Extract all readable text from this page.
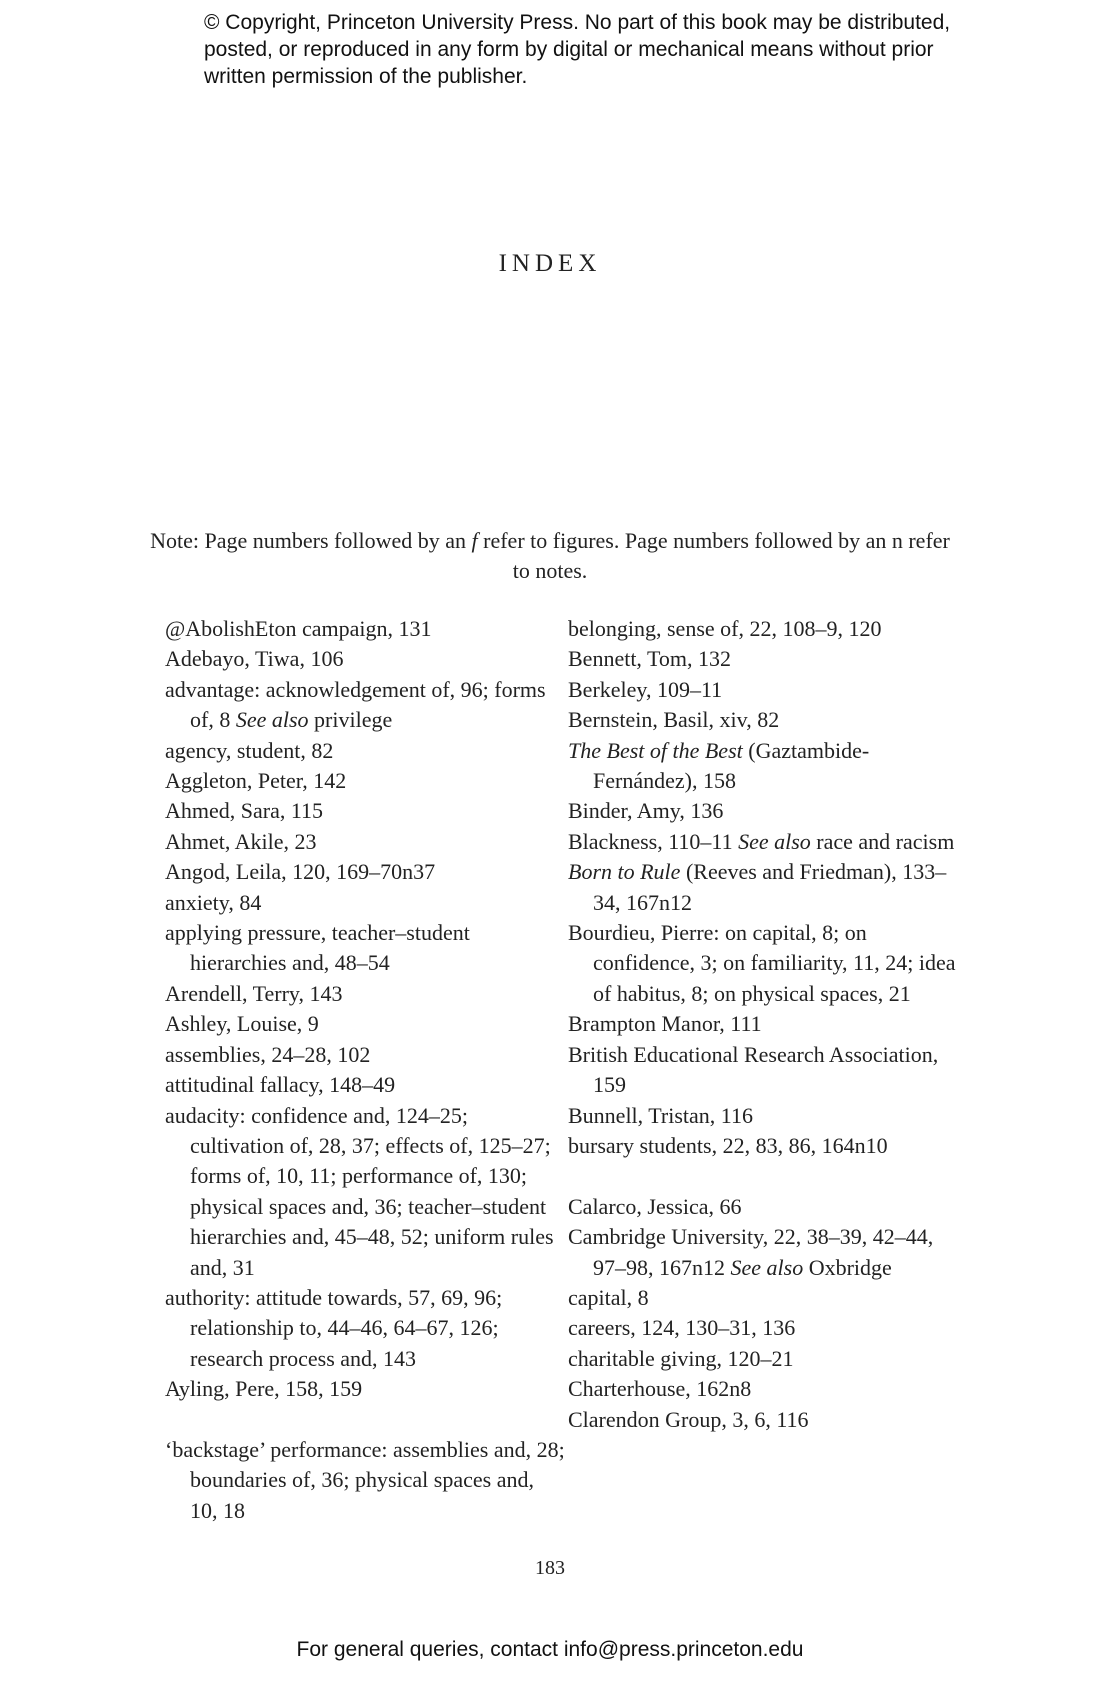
© Copyright, Princeton University Press. No part of this book may be distributed, posted, or reproduced in any form by digital or mechanical means without prior written permission of the publisher.
INDEX
Note: Page numbers followed by an f refer to figures. Page numbers followed by an n refer to notes.
@AbolishEton campaign, 131
Adebayo, Tiwa, 106
advantage: acknowledgement of, 96; forms of, 8 See also privilege
agency, student, 82
Aggleton, Peter, 142
Ahmed, Sara, 115
Ahmet, Akile, 23
Angod, Leila, 120, 169–70n37
anxiety, 84
applying pressure, teacher–student hierarchies and, 48–54
Arendell, Terry, 143
Ashley, Louise, 9
assemblies, 24–28, 102
attitudinal fallacy, 148–49
audacity: confidence and, 124–25; cultivation of, 28, 37; effects of, 125–27; forms of, 10, 11; performance of, 130; physical spaces and, 36; teacher–student hierarchies and, 45–48, 52; uniform rules and, 31
authority: attitude towards, 57, 69, 96; relationship to, 44–46, 64–67, 126; research process and, 143
Ayling, Pere, 158, 159
‘backstage’ performance: assemblies and, 28; boundaries of, 36; physical spaces and, 10, 18
belonging, sense of, 22, 108–9, 120
Bennett, Tom, 132
Berkeley, 109–11
Bernstein, Basil, xiv, 82
The Best of the Best (Gaztambide-Fernández), 158
Binder, Amy, 136
Blackness, 110–11 See also race and racism
Born to Rule (Reeves and Friedman), 133–34, 167n12
Bourdieu, Pierre: on capital, 8; on confidence, 3; on familiarity, 11, 24; idea of habitus, 8; on physical spaces, 21
Brampton Manor, 111
British Educational Research Association, 159
Bunnell, Tristan, 116
bursary students, 22, 83, 86, 164n10
Calarco, Jessica, 66
Cambridge University, 22, 38–39, 42–44, 97–98, 167n12 See also Oxbridge
capital, 8
careers, 124, 130–31, 136
charitable giving, 120–21
Charterhouse, 162n8
Clarendon Group, 3, 6, 116
183
For general queries, contact info@press.princeton.edu
